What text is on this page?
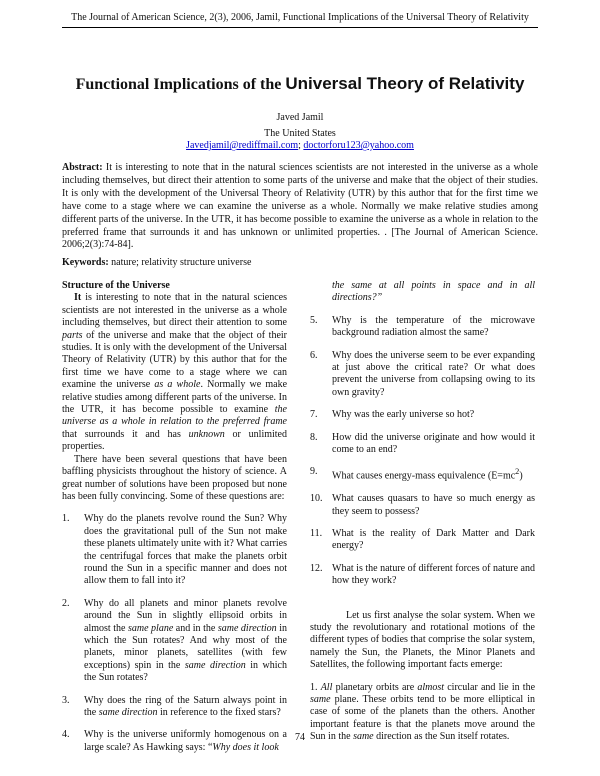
The Journal of American Science, 2(3), 2006, Jamil, Functional Implications of the Universal Theory of Relativity
Functional Implications of the Universal Theory of Relativity
Javed Jamil
The United States
Javedjamil@rediffmail.com; doctorforu123@yahoo.com
Abstract: It is interesting to note that in the natural sciences scientists are not interested in the universe as a whole including themselves, but direct their attention to some parts of the universe and make that the object of their studies. It is only with the development of the Universal Theory of Relativity (UTR) by this author that for the first time we have come to a stage where we can examine the universe as a whole. Normally we make relative studies among different parts of the universe. In the UTR, it has become possible to examine the universe as a whole in relation to the preferred frame that surrounds it and has unknown or unlimited properties. . [The Journal of American Science. 2006;2(3):74-84].
Keywords: nature; relativity structure universe

Structure of the Universe

It is interesting to note that in the natural sciences scientists are not interested in the universe as a whole including themselves, but direct their attention to some parts of the universe and make that the object of their studies. It is only with the development of the Universal Theory of Relativity (UTR) by this author that for the first time we have come to a stage where we can examine the universe as a whole. Normally we make relative studies among different parts of the universe. In the UTR, it has become possible to examine the universe as a whole in relation to the preferred frame that surrounds it and has unknown or unlimited properties.

There have been several questions that have been baffling physicists throughout the history of science. A great number of solutions have been proposed but none has been fully convincing. Some of these questions are:

1.	Why do the planets revolve round the Sun? Why does the gravitational pull of the Sun not make these planets ultimately unite with it? What carries the centrifugal forces that make the planets orbit round the Sun in a specific manner and does not allow them to fall into it?
2.	Why do all planets and minor planets revolve around the Sun in slightly ellipsoid orbits in almost the same plane and in the same direction in which the Sun rotates? And why most of the planets, minor planets, satellites (with few exceptions) spin in the same direction in which the Sun rotates?
3.	Why does the ring of the Saturn always point in the same direction in reference to the fixed stars?
4.	Why is the universe uniformly homogenous on a large scale? As Hawking says: “Why does it look

the same at all points in space and in all directions?”

5.	Why is the temperature of the microwave background radiation almost the same?
6.	Why does the universe seem to be ever expanding at just above the critical rate? Or what does prevent the universe from collapsing owing to its own gravity?
7.	Why was the early universe so hot?
8.	How did the universe originate and how would it come to an end?
9.	What causes energy-mass equivalence $(E=mc^2)$
10. What causes quasars to have so much energy as they seem to possess?
11. What is the reality of Dark Matter and Dark energy?
12. What is the nature of different forces of nature and how they work?

Let us first analyse the solar system. When we study the revolutionary and rotational motions of the different types of bodies that comprise the solar system, namely the Sun, the Planets, the Minor Planets and Satellites, the following important facts emerge:

1. All planetary orbits are almost circular and lie in the same plane. These orbits tend to be more elliptical in case of some of the planets than the others. Another important feature is that the planets move around the Sun in the same direction as the Sun itself rotates.

74
